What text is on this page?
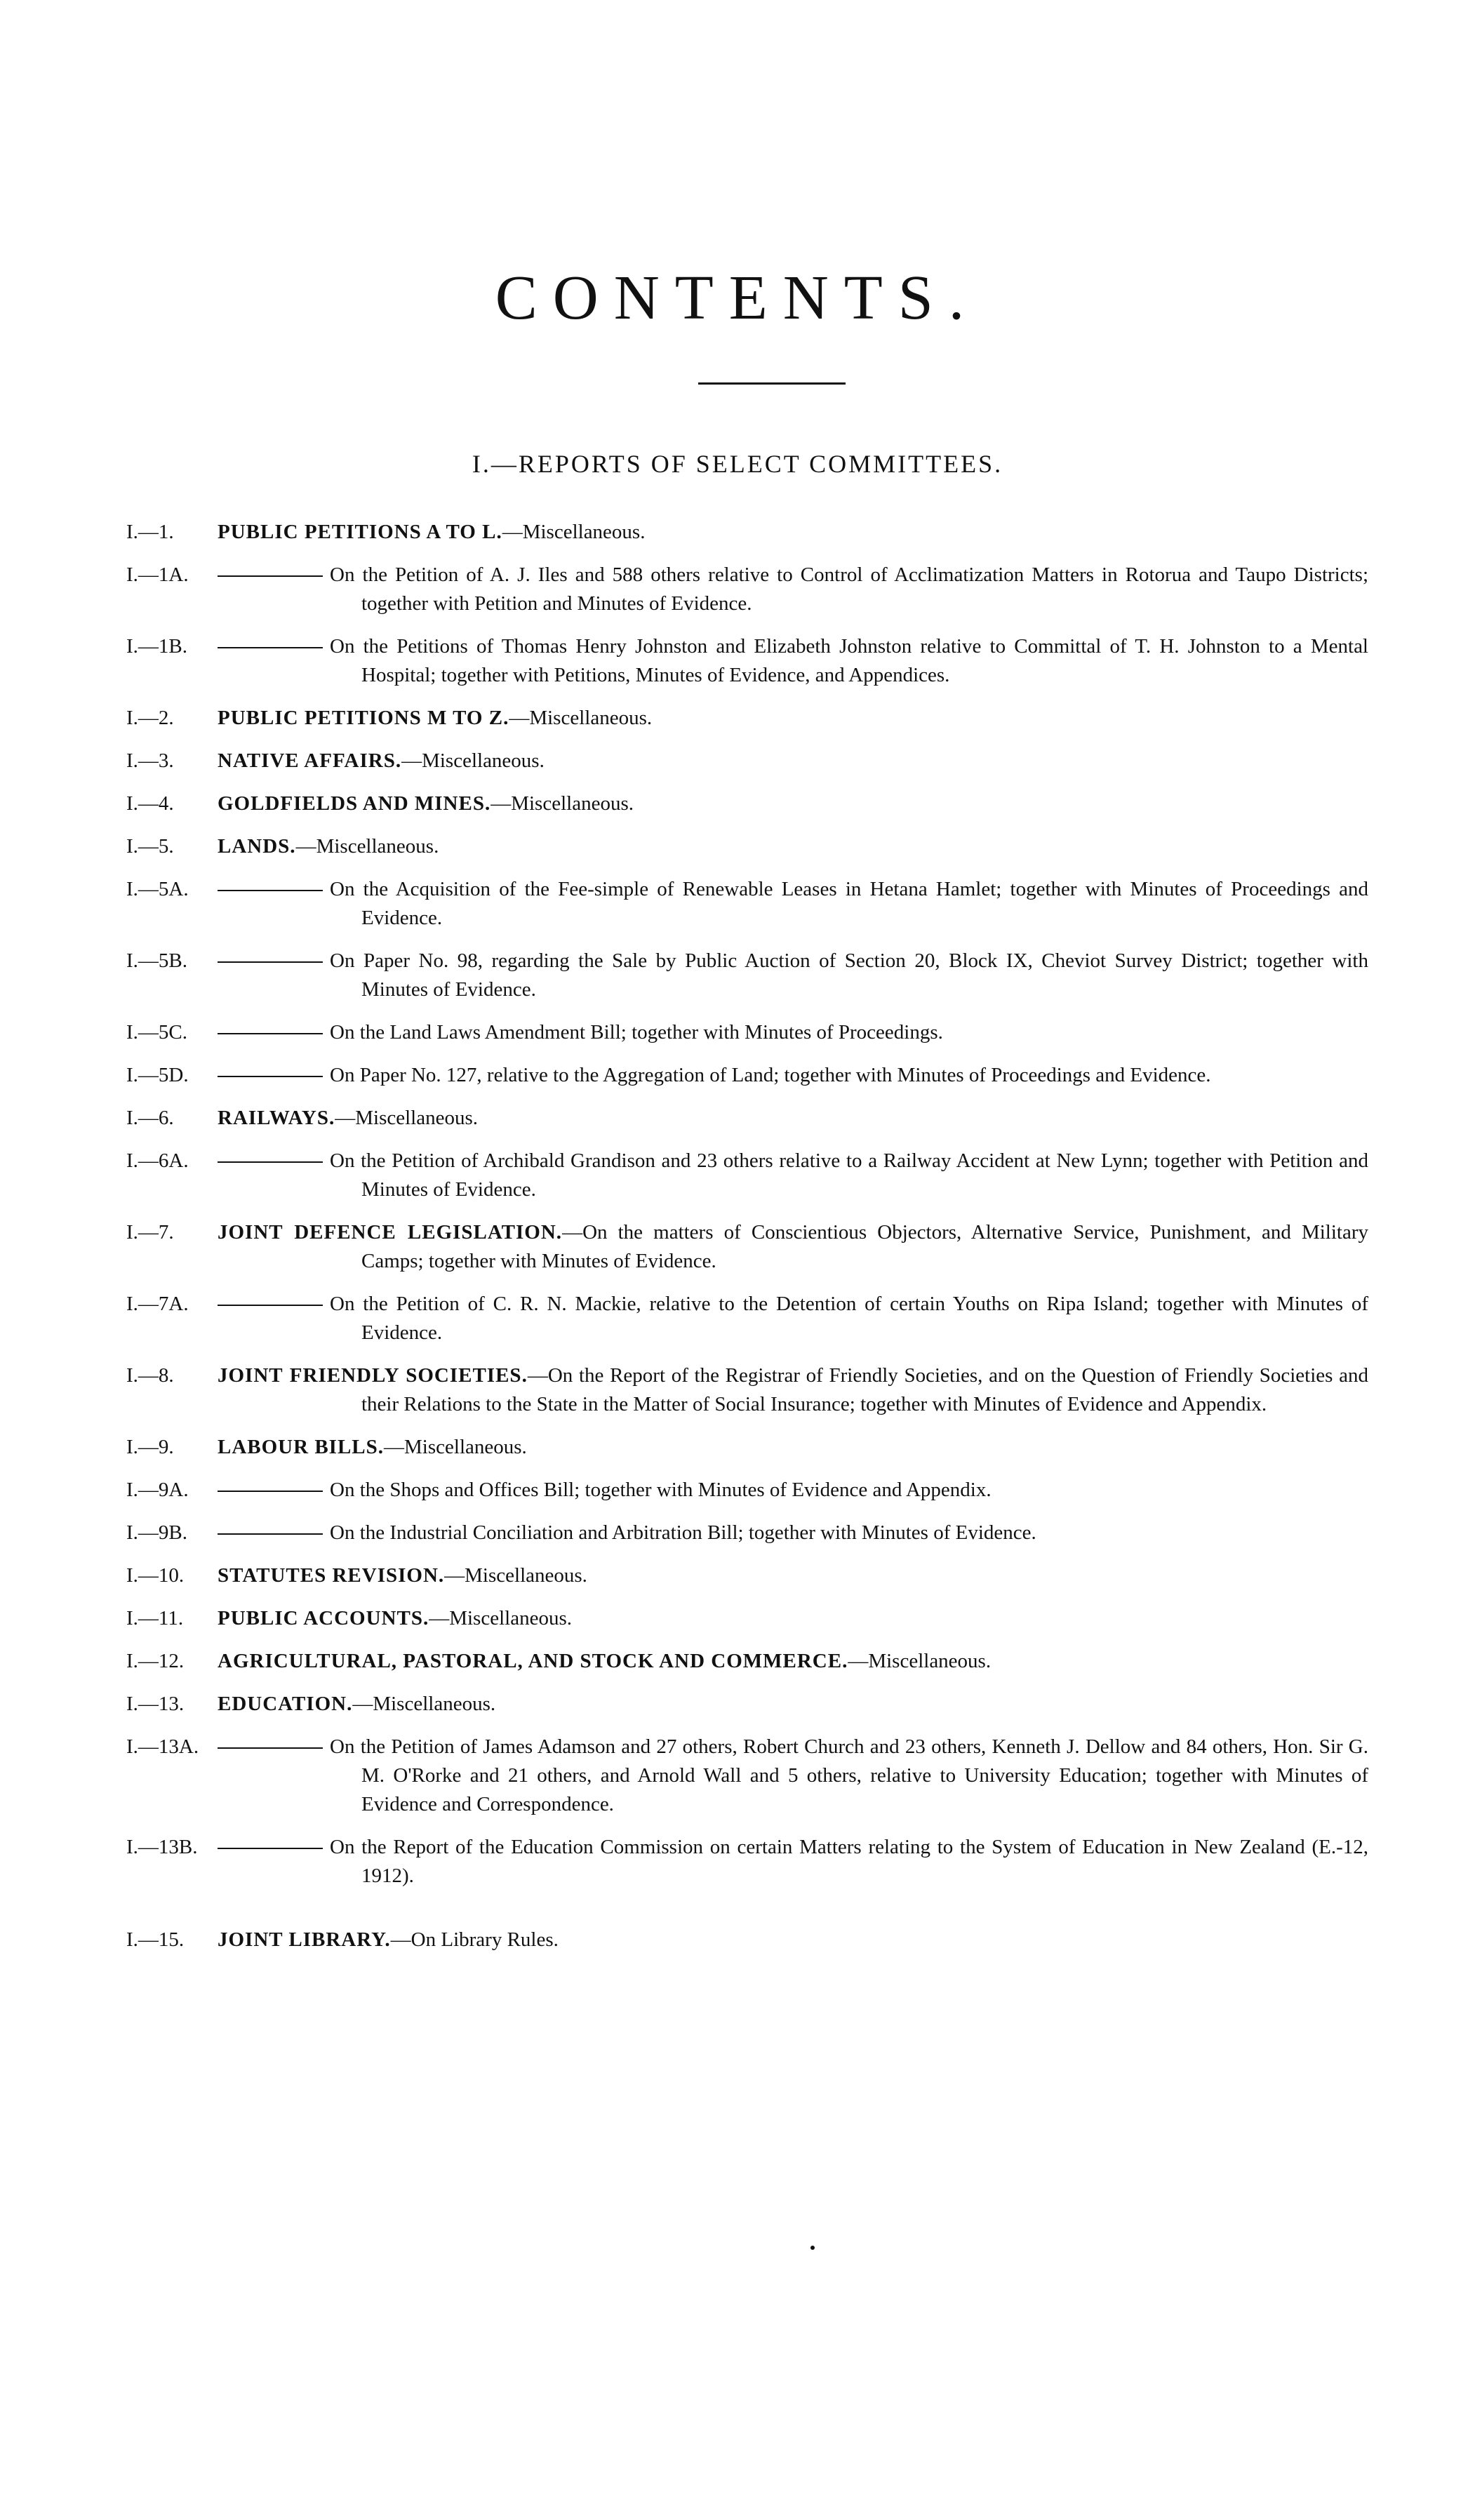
CONTENTS.
I.—REPORTS OF SELECT COMMITTEES.
I.—1.	PUBLIC PETITIONS A TO L.—Miscellaneous.
I.—1A.	On the Petition of A. J. Iles and 588 others relative to Control of Acclimatization Matters in Rotorua and Taupo Districts; together with Petition and Minutes of Evidence.
I.—1B.	On the Petitions of Thomas Henry Johnston and Elizabeth Johnston relative to Committal of T. H. Johnston to a Mental Hospital; together with Petitions, Minutes of Evidence, and Appendices.
I.—2.	PUBLIC PETITIONS M TO Z.—Miscellaneous.
I.—3.	NATIVE AFFAIRS.—Miscellaneous.
I.—4.	GOLDFIELDS AND MINES.—Miscellaneous.
I.—5.	LANDS.—Miscellaneous.
I.—5A.	On the Acquisition of the Fee-simple of Renewable Leases in Hetana Hamlet; together with Minutes of Proceedings and Evidence.
I.—5B.	On Paper No. 98, regarding the Sale by Public Auction of Section 20, Block IX, Cheviot Survey District; together with Minutes of Evidence.
I.—5C.	On the Land Laws Amendment Bill; together with Minutes of Proceedings.
I.—5D.	On Paper No. 127, relative to the Aggregation of Land; together with Minutes of Proceedings and Evidence.
I.—6.	RAILWAYS.—Miscellaneous.
I.—6A.	On the Petition of Archibald Grandison and 23 others relative to a Railway Accident at New Lynn; together with Petition and Minutes of Evidence.
I.—7.	JOINT DEFENCE LEGISLATION.—On the matters of Conscientious Objectors, Alternative Service, Punishment, and Military Camps; together with Minutes of Evidence.
I.—7A.	On the Petition of C. R. N. Mackie, relative to the Detention of certain Youths on Ripa Island; together with Minutes of Evidence.
I.—8.	JOINT FRIENDLY SOCIETIES.—On the Report of the Registrar of Friendly Societies, and on the Question of Friendly Societies and their Relations to the State in the Matter of Social Insurance; together with Minutes of Evidence and Appendix.
I.—9.	LABOUR BILLS.—Miscellaneous.
I.—9A.	On the Shops and Offices Bill; together with Minutes of Evidence and Appendix.
I.—9B.	On the Industrial Conciliation and Arbitration Bill; together with Minutes of Evidence.
I.—10.	STATUTES REVISION.—Miscellaneous.
I.—11.	PUBLIC ACCOUNTS.—Miscellaneous.
I.—12.	AGRICULTURAL, PASTORAL, AND STOCK AND COMMERCE.—Miscellaneous.
I.—13.	EDUCATION.—Miscellaneous.
I.—13A.	On the Petition of James Adamson and 27 others, Robert Church and 23 others, Kenneth J. Dellow and 84 others, Hon. Sir G. M. O'Rorke and 21 others, and Arnold Wall and 5 others, relative to University Education; together with Minutes of Evidence and Correspondence.
I.—13B.	On the Report of the Education Commission on certain Matters relating to the System of Education in New Zealand (E.-12, 1912).
I.—15.	JOINT LIBRARY.—On Library Rules.
